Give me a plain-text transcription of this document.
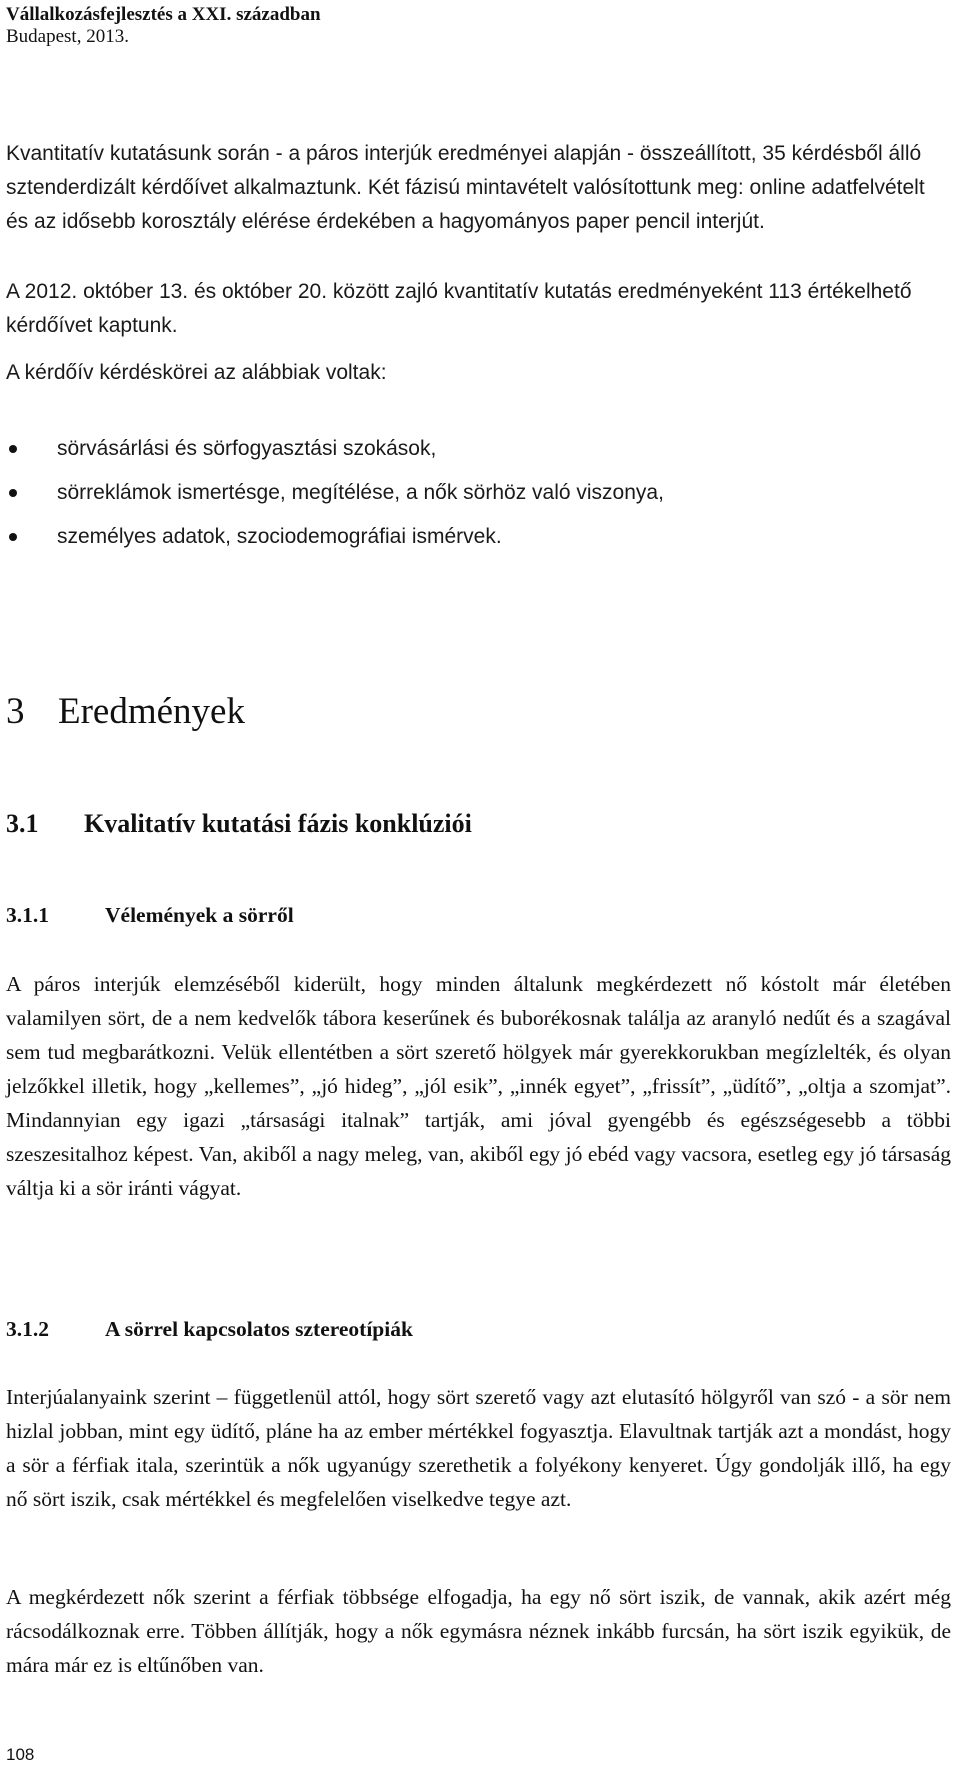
Vállalkozásfejlesztés a XXI. században
Budapest, 2013.

Kvantitatív kutatásunk során - a páros interjúk eredményei alapján - összeállított, 35 kérdésből álló sztenderdizált kérdőívet alkalmaztunk. Két fázisú mintavételt valósítottunk meg: online adatfelvételt és az idősebb korosztály elérése érdekében a hagyományos paper pencil interjút.

A 2012. október 13. és október 20. között zajló kvantitatív kutatás eredményeként 113 értékelhető kérdőívet kaptunk.

A kérdőív kérdéskörei az alábbiak voltak:

sörvásárlási és sörfogyasztási szokások,
sörreklámok ismertésge, megítélése, a nők sörhöz való viszonya,
személyes adatok, szociodemográfiai ismérvek.
3 Eredmények
3.1 Kvalitatív kutatási fázis konklúziói
3.1.1	Vélemények a sörről

A páros interjúk elemzéséből kiderült, hogy minden általunk megkérdezett nő kóstolt már életében valamilyen sört, de a nem kedvelők tábora keserűnek és buborékosnak találja az aranyló nedűt és a szagával sem tud megbarátkozni. Velük ellentétben a sört szerető hölgyek már gyerekkorukban megízlelték, és olyan jelzőkkel illetik, hogy „kellemes”, „jó hideg”, „jól esik”, „innék egyet”, „frissít”, „üdítő”, „oltja a szomjat”. Mindannyian egy igazi „társasági italnak” tartják, ami jóval gyengébb és egészségesebb a többi szeszesitalhoz képest. Van, akiből a nagy meleg, van, akiből egy jó ebéd vagy vacsora, esetleg egy jó társaság váltja ki a sör iránti vágyat.

3.1.2	A sörrel kapcsolatos sztereotípiák

Interjúalanyaink szerint – függetlenül attól, hogy sört szerető vagy azt elutasító hölgyről van szó - a sör nem hizlal jobban, mint egy üdítő, pláne ha az ember mértékkel fogyasztja. Elavultnak tartják azt a mondást, hogy a sör a férfiak itala, szerintük a nők ugyanúgy szerethetik a folyékony kenyeret. Úgy gondolják illő, ha egy nő sört iszik, csak mértékkel és megfelelően viselkedve tegye azt.

A megkérdezett nők szerint a férfiak többsége elfogadja, ha egy nő sört iszik, de vannak, akik azért még rácsodálkoznak erre. Többen állítják, hogy a nők egymásra néznek inkább furcsán, ha sört iszik egyikük, de mára már ez is eltűnőben van.

108
